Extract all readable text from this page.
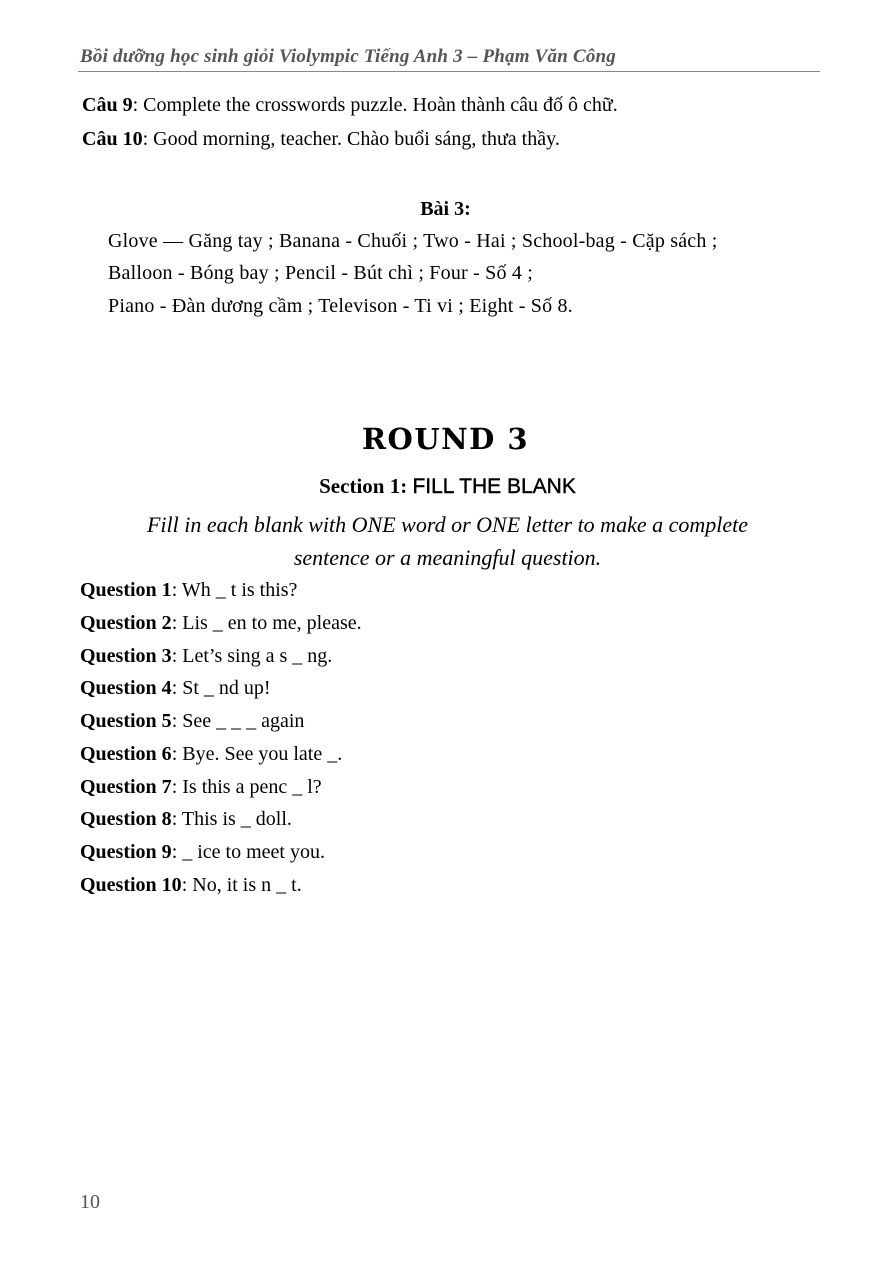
Bồi dưỡng học sinh giỏi Violympic Tiếng Anh 3 – Phạm Văn Công
Câu 9: Complete the crosswords puzzle. Hoàn thành câu đố ô chữ.
Câu 10: Good morning, teacher. Chào buổi sáng, thưa thầy.
Bài 3:
Glove — Găng tay ; Banana - Chuối ; Two - Hai ; School-bag - Cặp sách ;
Balloon - Bóng bay ; Pencil - Bút chì ; Four - Số 4 ;
Piano - Đàn dương cầm ; Televison - Ti vi ; Eight - Số 8.
ROUND 3
Section 1: FILL THE BLANK
Fill in each blank with ONE word or ONE letter to make a complete
sentence or a meaningful question.
Question 1: Wh _ t is this?
Question 2: Lis _ en to me, please.
Question 3: Let’s sing a s _ ng.
Question 4: St _ nd up!
Question 5: See _ _ _ again
Question 6: Bye. See you late _.
Question 7: Is this a penc _ l?
Question 8: This is _ doll.
Question 9: _ ice to meet you.
Question 10: No, it is n _ t.
10
